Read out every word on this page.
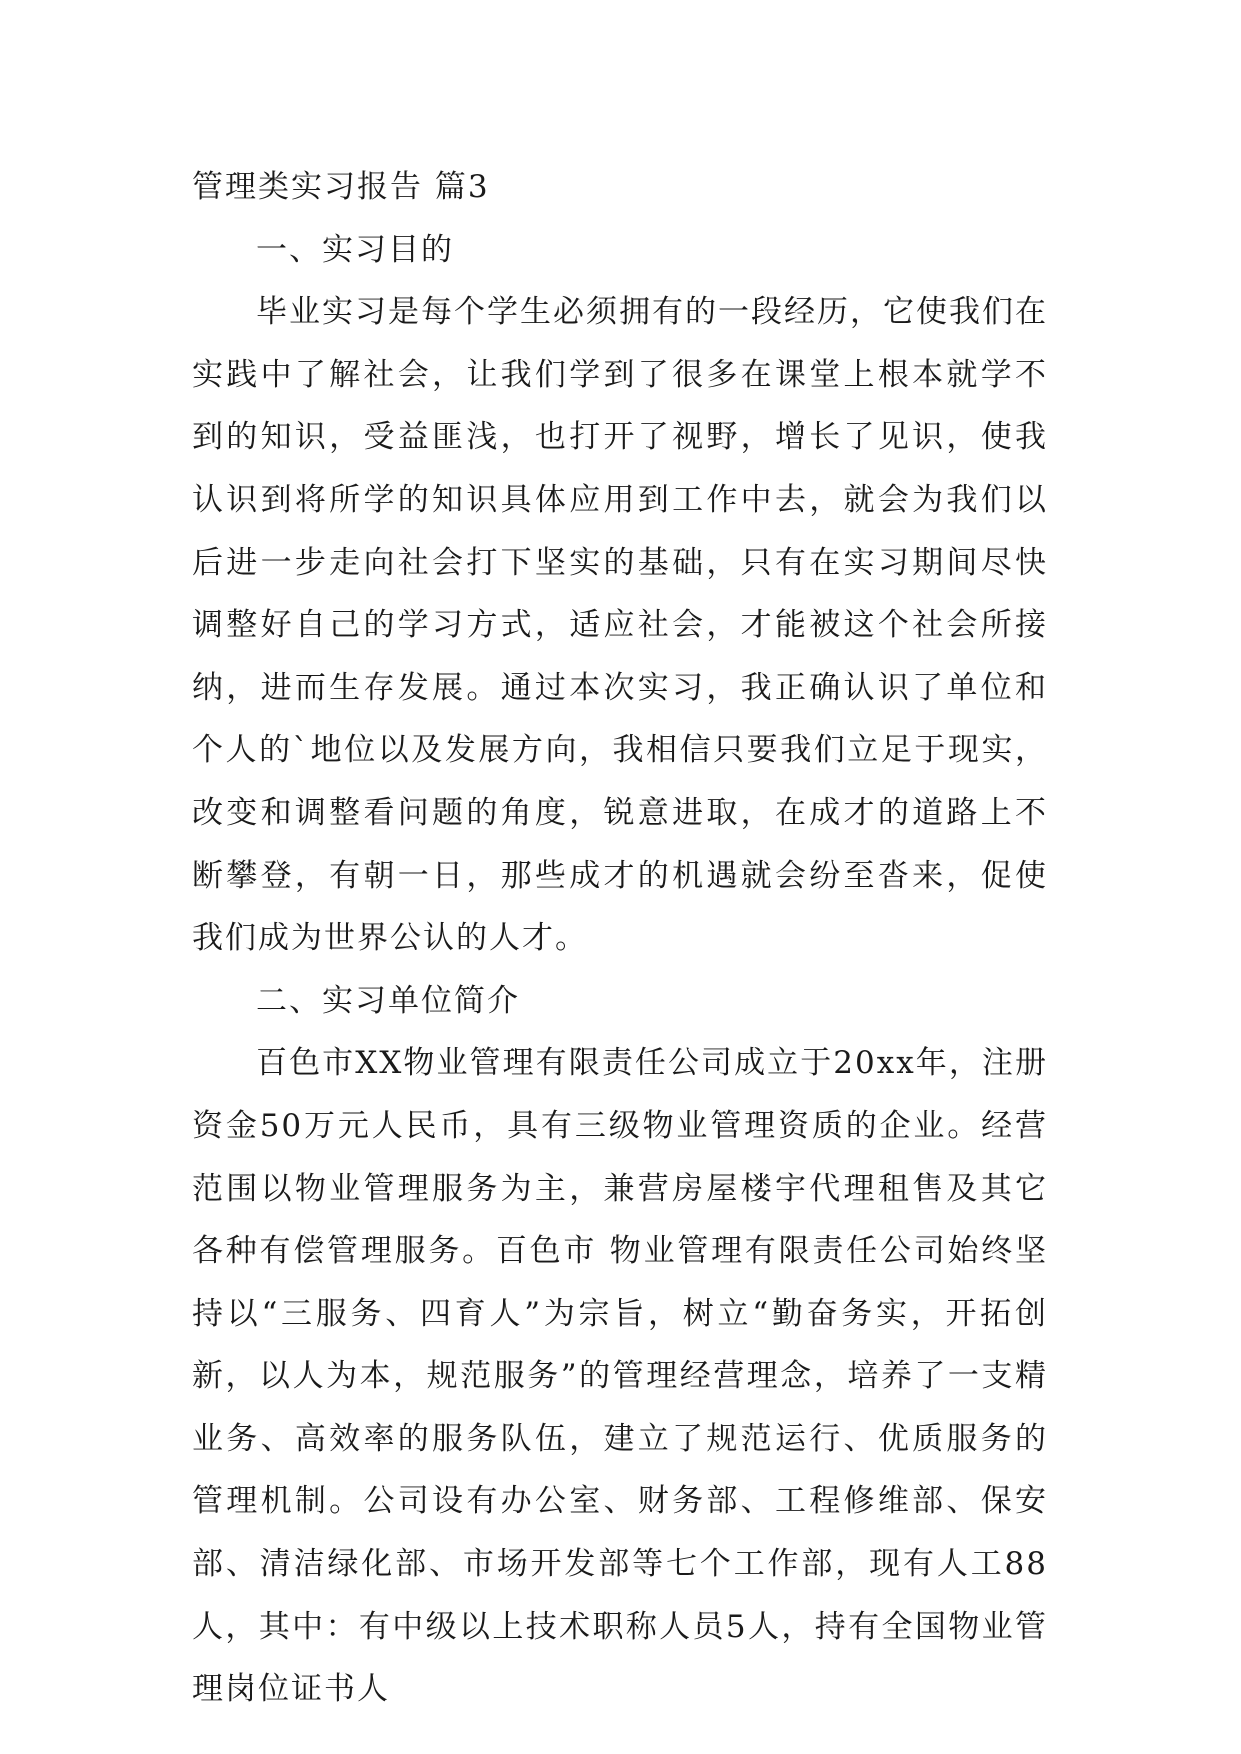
管理类实习报告 篇3
一、实习目的

毕业实习是每个学生必须拥有的一段经历，它使我们在实践中了解社会，让我们学到了很多在课堂上根本就学不到的知识，受益匪浅，也打开了视野，增长了见识，使我认识到将所学的知识具体应用到工作中去，就会为我们以后进一步走向社会打下坚实的基础，只有在实习期间尽快调整好自己的学习方式，适应社会，才能被这个社会所接纳，进而生存发展。通过本次实习，我正确认识了单位和个人的`地位以及发展方向，我相信只要我们立足于现实，改变和调整看问题的角度，锐意进取，在成才的道路上不断攀登，有朝一日，那些成才的机遇就会纷至沓来，促使我们成为世界公认的人才。

二、实习单位简介

百色市XX物业管理有限责任公司成立于20xx年，注册资金50万元人民币，具有三级物业管理资质的企业。经营范围以物业管理服务为主，兼营房屋楼宇代理租售及其它各种有偿管理服务。百色市 物业管理有限责任公司始终坚持以“三服务、四育人”为宗旨，树立“勤奋务实，开拓创新，以人为本，规范服务”的管理经营理念，培养了一支精业务、高效率的服务队伍，建立了规范运行、优质服务的管理机制。公司设有办公室、财务部、工程修维部、保安部、清洁绿化部、市场开发部等七个工作部，现有人工88人，其中：有中级以上技术职称人员5人，持有全国物业管理岗位证书人
